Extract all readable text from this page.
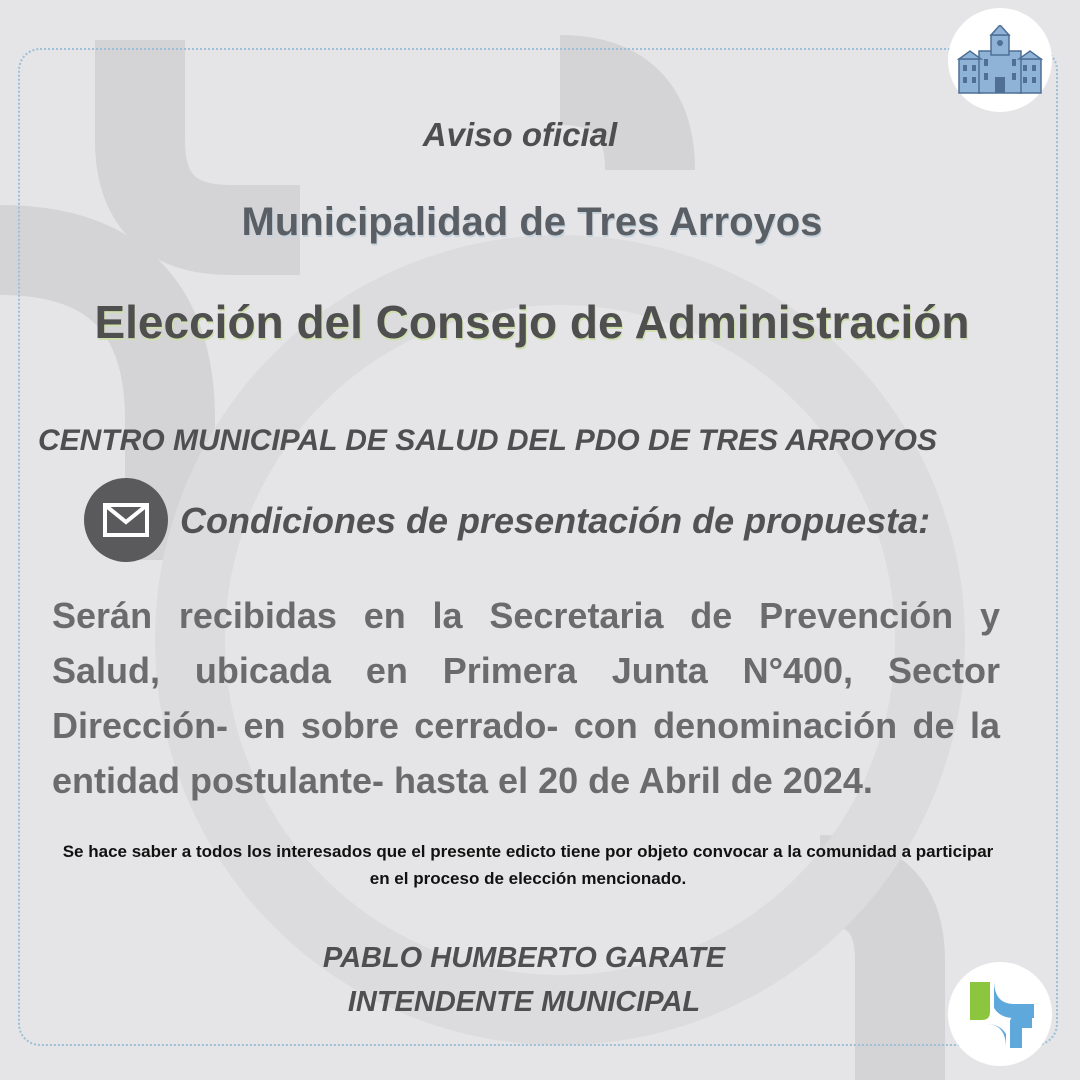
Aviso oficial

Municipalidad de Tres Arroyos

Elección del Consejo de Administración

CENTRO MUNICIPAL DE SALUD DEL PDO DE TRES ARROYOS

Condiciones de presentación de propuesta:

Serán recibidas en la Secretaria de Prevención y Salud, ubicada en Primera Junta N°400, Sector Dirección- en sobre cerrado- con denominación de la entidad postulante- hasta el 20 de Abril de 2024.

Se hace saber a todos los interesados que el presente edicto tiene por objeto convocar a la comunidad a participar en el proceso de elección mencionado.

PABLO HUMBERTO GARATE

INTENDENTE MUNICIPAL
